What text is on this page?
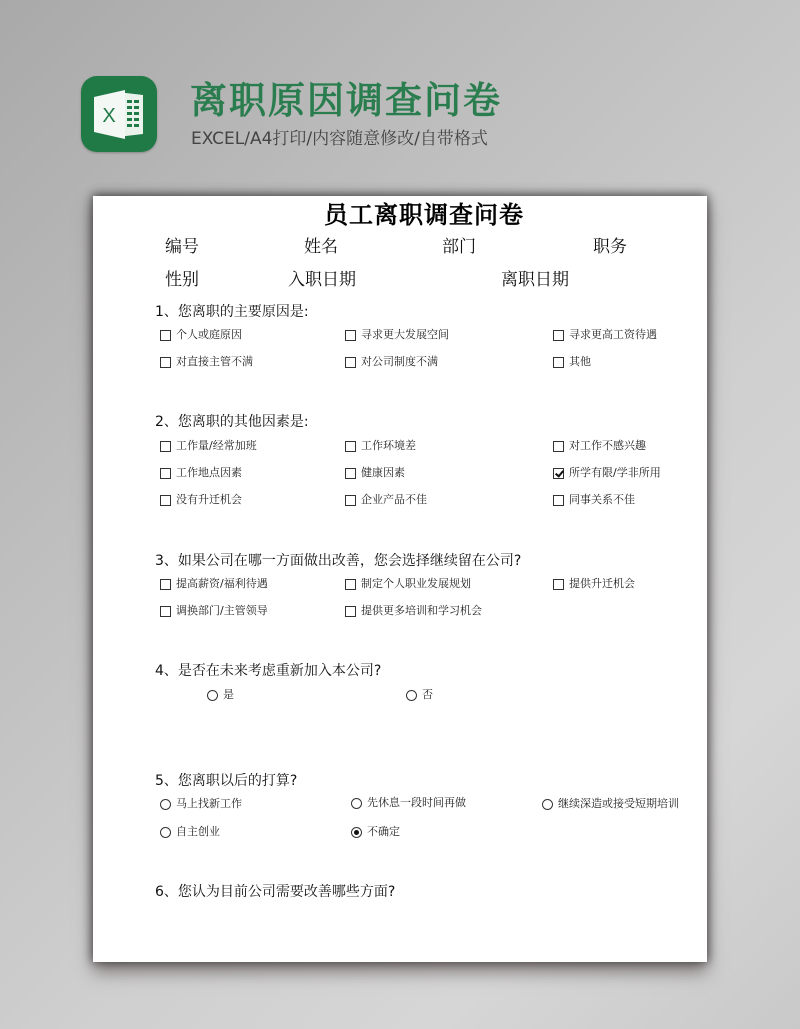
X 离职原因调查问卷
EXCEL/A4打印/内容随意修改/自带格式
员工离职调查问卷
编号	姓名	部门	职务
性别	入职日期	离职日期
1、您离职的主要原因是:
个人或庭原因	寻求更大发展空间	寻求更高工资待遇
对直接主管不满	对公司制度不满	其他
2、您离职的其他因素是:
工作量/经常加班	工作环境差	对工作不感兴趣
工作地点因素	健康因素	所学有限/学非所用
没有升迁机会	企业产品不佳	同事关系不佳
3、如果公司在哪一方面做出改善，您会选择继续留在公司?
提高薪资/福利待遇	制定个人职业发展规划	提供升迁机会
调换部门/主管领导	提供更多培训和学习机会
4、是否在未来考虑重新加入本公司?
是	否
5、您离职以后的打算?
马上找新工作	先休息一段时间再做	继续深造或接受短期培训
自主创业	不确定
6、您认为目前公司需要改善哪些方面?
